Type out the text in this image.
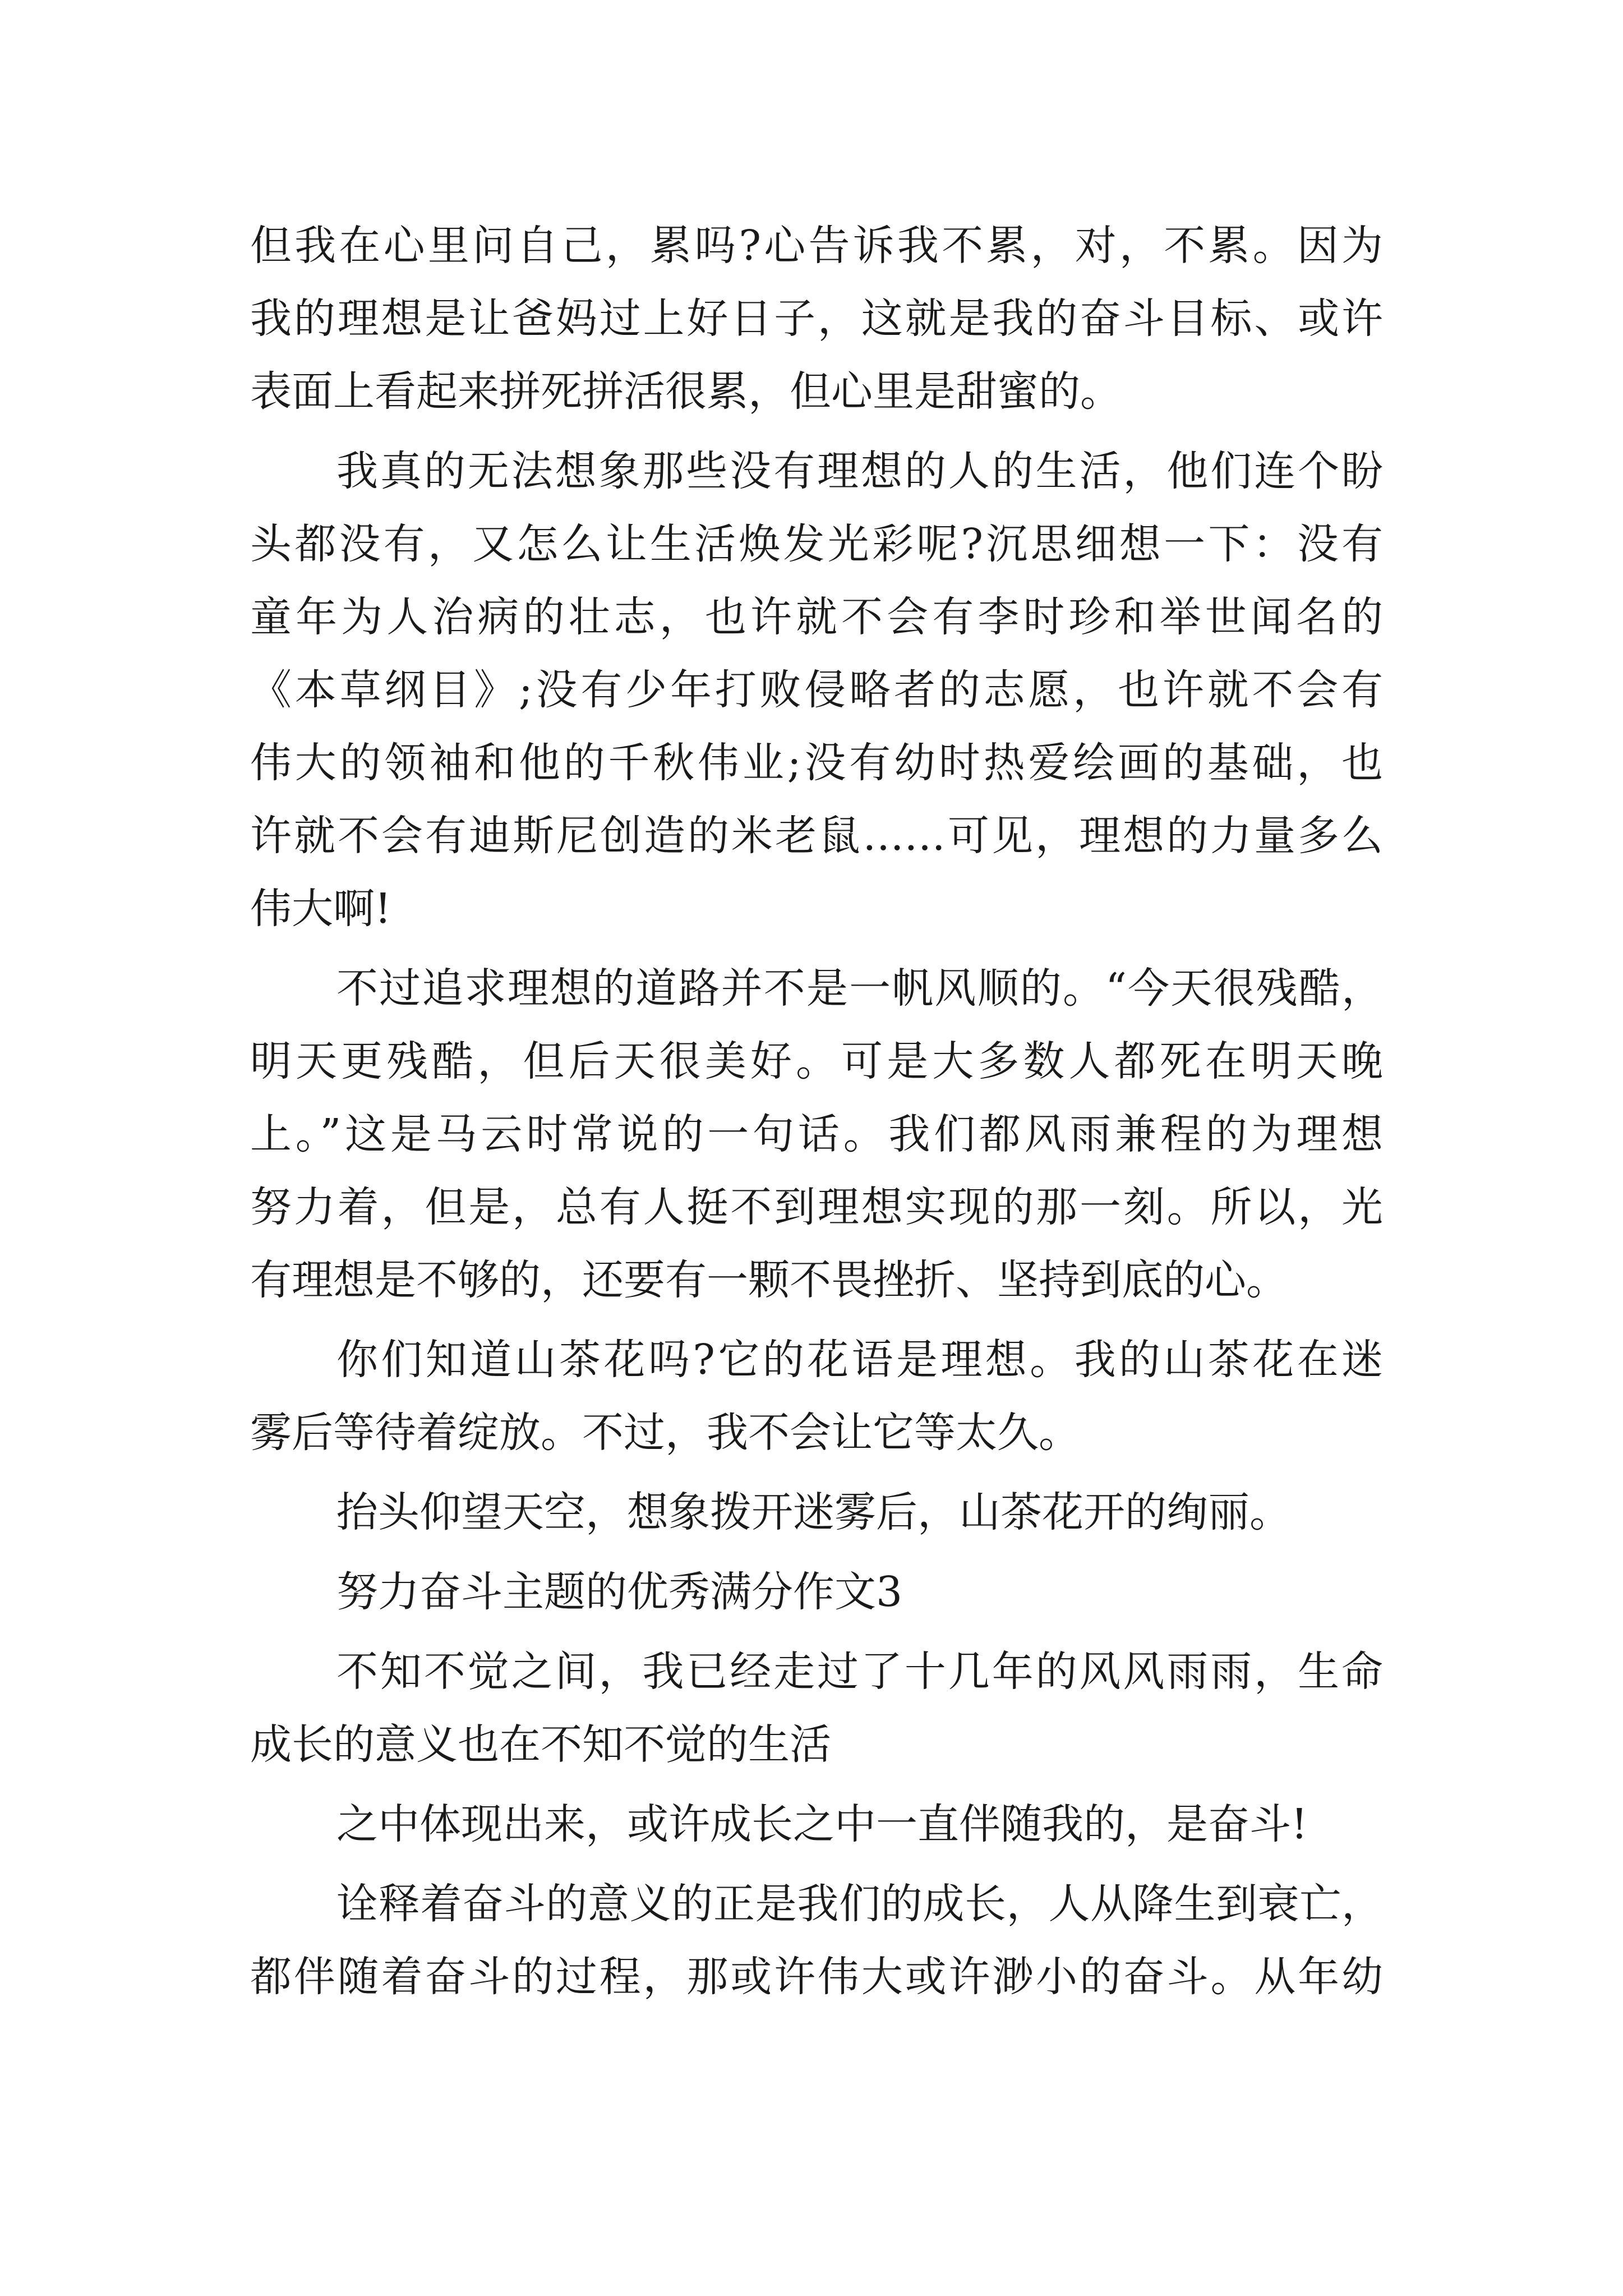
但我在心里问自己，累吗?心告诉我不累，对，不累。因为
我的理想是让爸妈过上好日子，这就是我的奋斗目标、或许
表面上看起来拼死拼活很累，但心里是甜蜜的。
我真的无法想象那些没有理想的人的生活，他们连个盼
头都没有，又怎么让生活焕发光彩呢?沉思细想一下：没有
童年为人治病的壮志，也许就不会有李时珍和举世闻名的
《本草纲目》;没有少年打败侵略者的志愿，也许就不会有
伟大的领袖和他的千秋伟业;没有幼时热爱绘画的基础，也
许就不会有迪斯尼创造的米老鼠……可见，理想的力量多么
伟大啊!
不过追求理想的道路并不是一帆风顺的。“今天很残酷，
明天更残酷，但后天很美好。可是大多数人都死在明天晚
上。”这是马云时常说的一句话。我们都风雨兼程的为理想
努力着，但是，总有人挺不到理想实现的那一刻。所以，光
有理想是不够的，还要有一颗不畏挫折、坚持到底的心。
你们知道山茶花吗?它的花语是理想。我的山茶花在迷
雾后等待着绽放。不过，我不会让它等太久。
抬头仰望天空，想象拨开迷雾后，山茶花开的绚丽。
努力奋斗主题的优秀满分作文3
不知不觉之间，我已经走过了十几年的风风雨雨，生命
成长的意义也在不知不觉的生活
之中体现出来，或许成长之中一直伴随我的，是奋斗!
诠释着奋斗的意义的正是我们的成长，人从降生到衰亡，
都伴随着奋斗的过程，那或许伟大或许渺小的奋斗。从年幼
